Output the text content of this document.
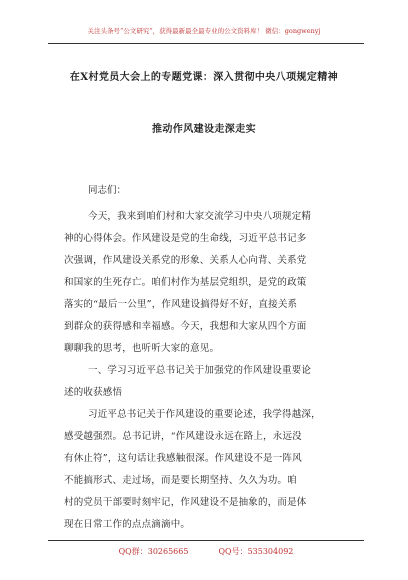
关注头条号“公文研究”，获得最新最全最专业的公文资料库！ 微信：gongwenyj
在X村党员大会上的专题党课：深入贯彻中央八项规定精神
推动作风建设走深走实
同志们：
今天，我来到咱们村和大家交流学习中央八项规定精
神的心得体会。作风建设是党的生命线，习近平总书记多
次强调，作风建设关系党的形象、关系人心向背、关系党
和国家的生死存亡。咱们村作为基层党组织，是党的政策
落实的“最后一公里”，作风建设搞得好不好，直接关系
到群众的获得感和幸福感。今天，我想和大家从四个方面
聊聊我的思考，也听听大家的意见。
一、学习习近平总书记关于加强党的作风建设重要论
述的收获感悟
习近平总书记关于作风建设的重要论述，我学得越深，
感受越强烈。总书记讲，“作风建设永远在路上，永远没
有休止符”，这句话让我感触很深。作风建设不是一阵风
不能搞形式、走过场，而是要长期坚持、久久为功。咱
村的党员干部要时刻牢记，作风建设不是抽象的，而是体
现在日常工作的点点滴滴中。
QQ群：30265665	QQ号：535304092
